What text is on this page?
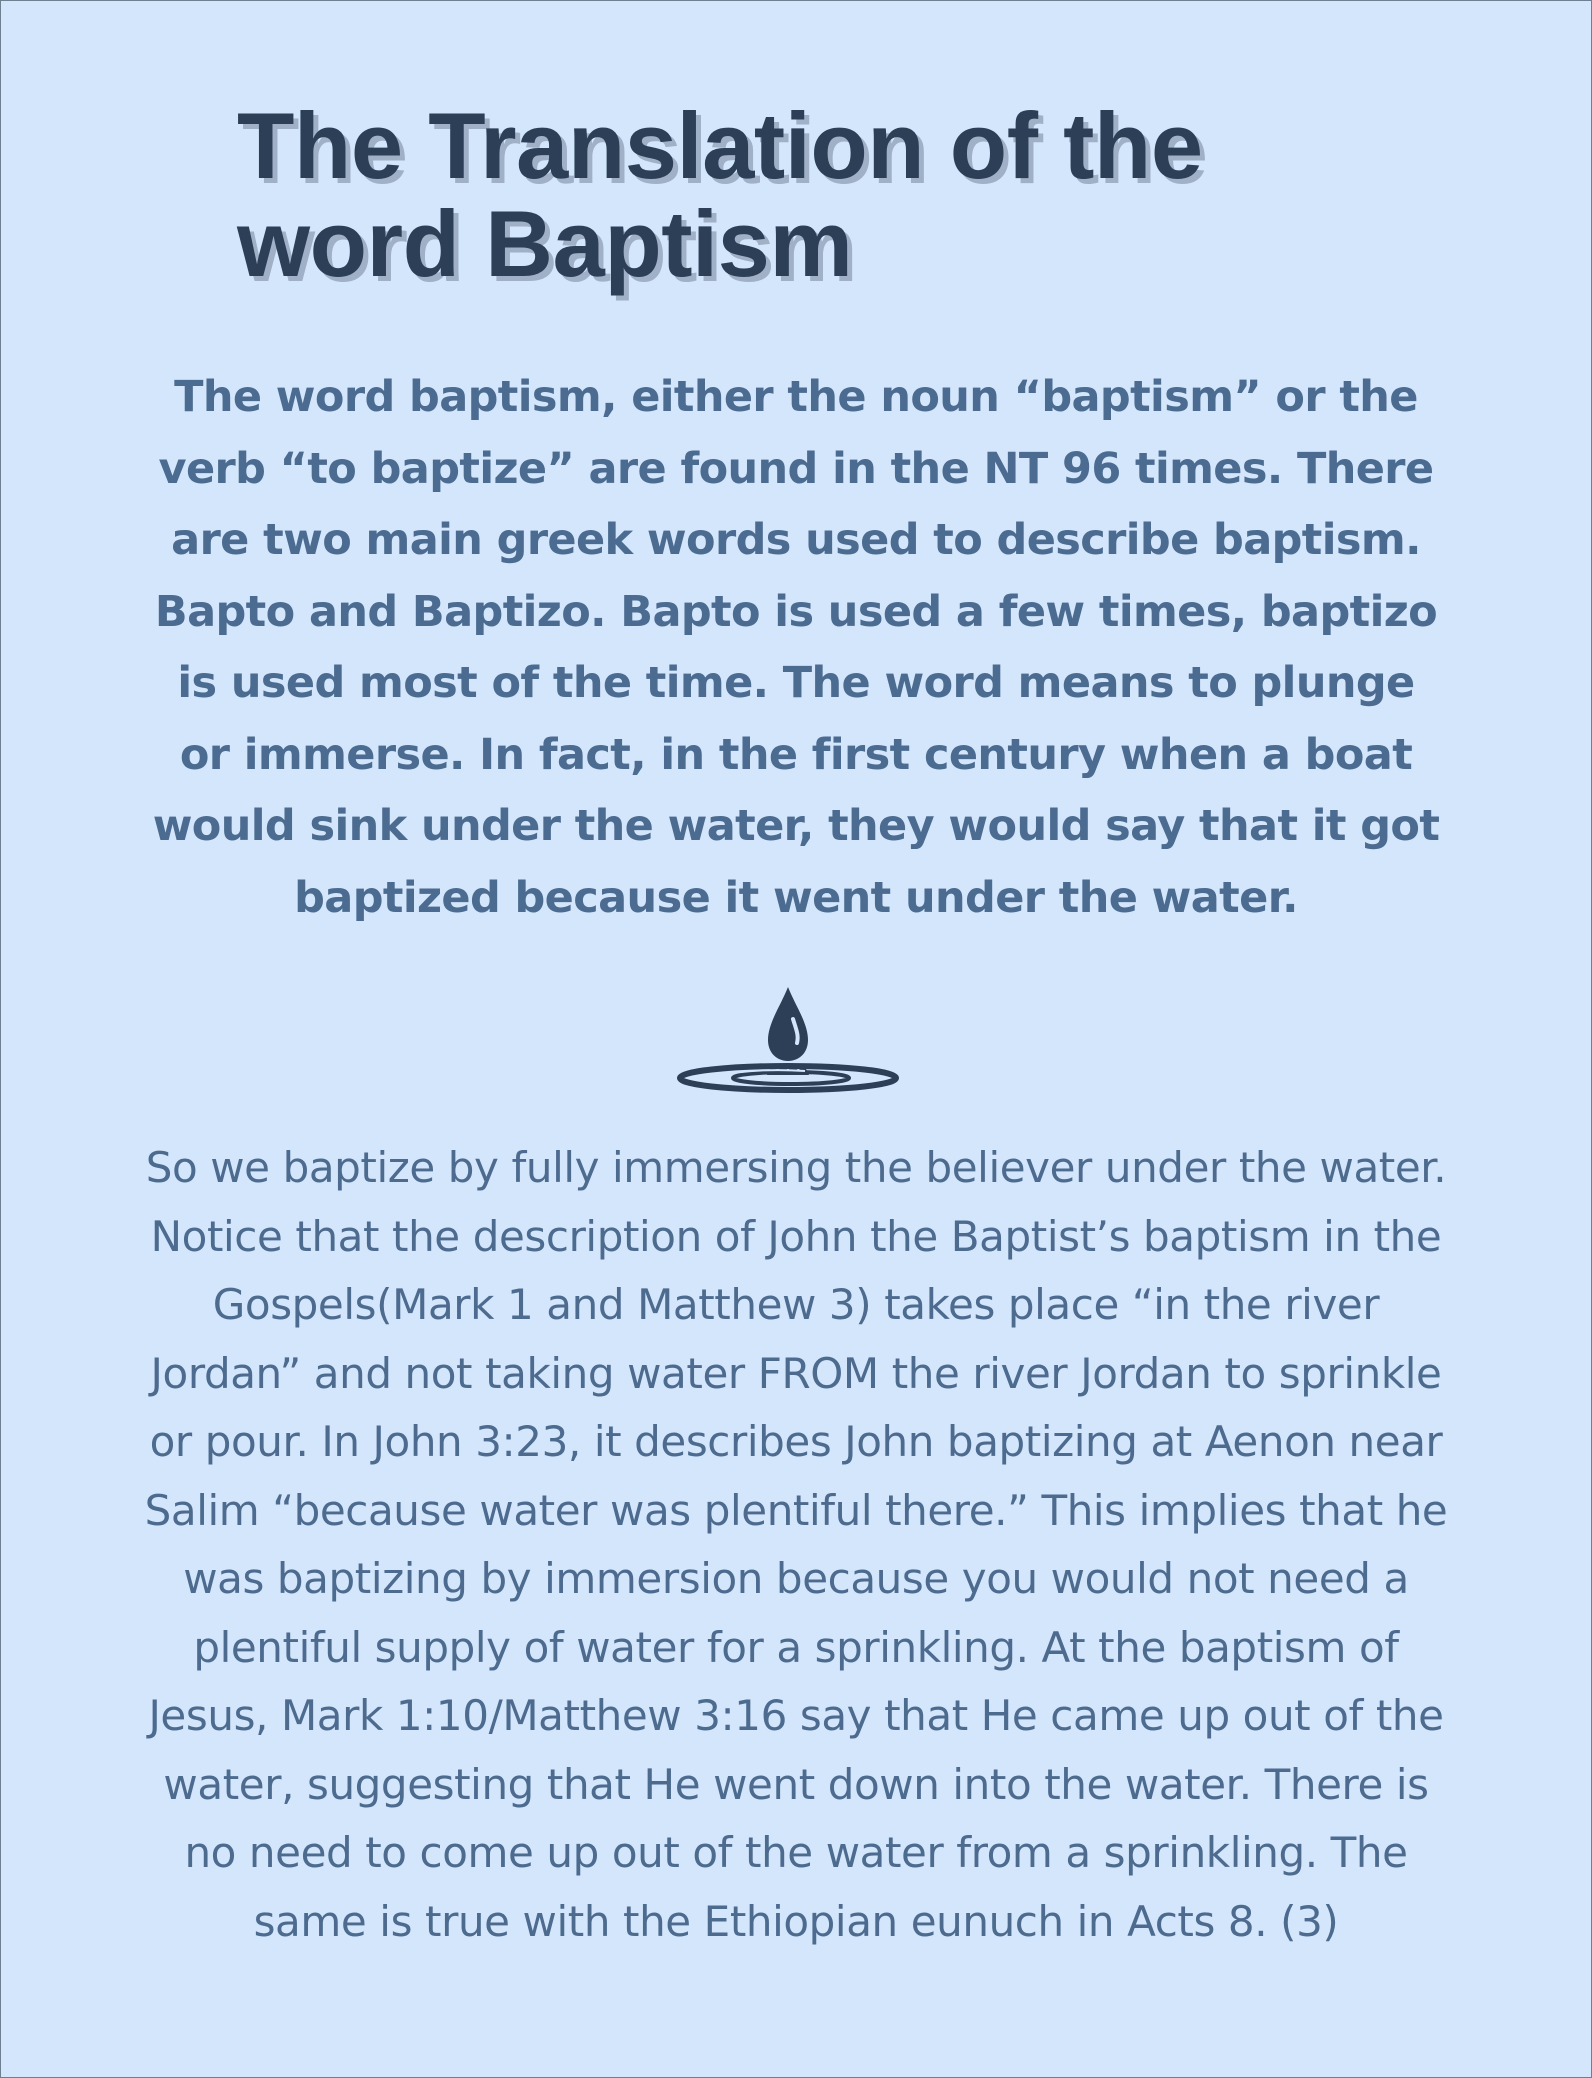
The Translation of the word Baptism

The word baptism, either the noun “baptism” or the verb “to baptize” are found in the NT 96 times. There are two main greek words used to describe baptism. Bapto and Baptizo. Bapto is used a few times, baptizo is used most of the time. The word means to plunge or immerse. In fact, in the first century when a boat would sink under the water, they would say that it got baptized because it went under the water.

So we baptize by fully immersing the believer under the water. Notice that the description of John the Baptist’s baptism in the Gospels(Mark 1 and Matthew 3) takes place “in the river Jordan” and not taking water FROM the river Jordan to sprinkle or pour. In John 3:23, it describes John baptizing at Aenon near Salim “because water was plentiful there.” This implies that he was baptizing by immersion because you would not need a plentiful supply of water for a sprinkling. At the baptism of Jesus, Mark 1:10/Matthew 3:16 say that He came up out of the water, suggesting that He went down into the water. There is no need to come up out of the water from a sprinkling. The same is true with the Ethiopian eunuch in Acts 8. (3)
